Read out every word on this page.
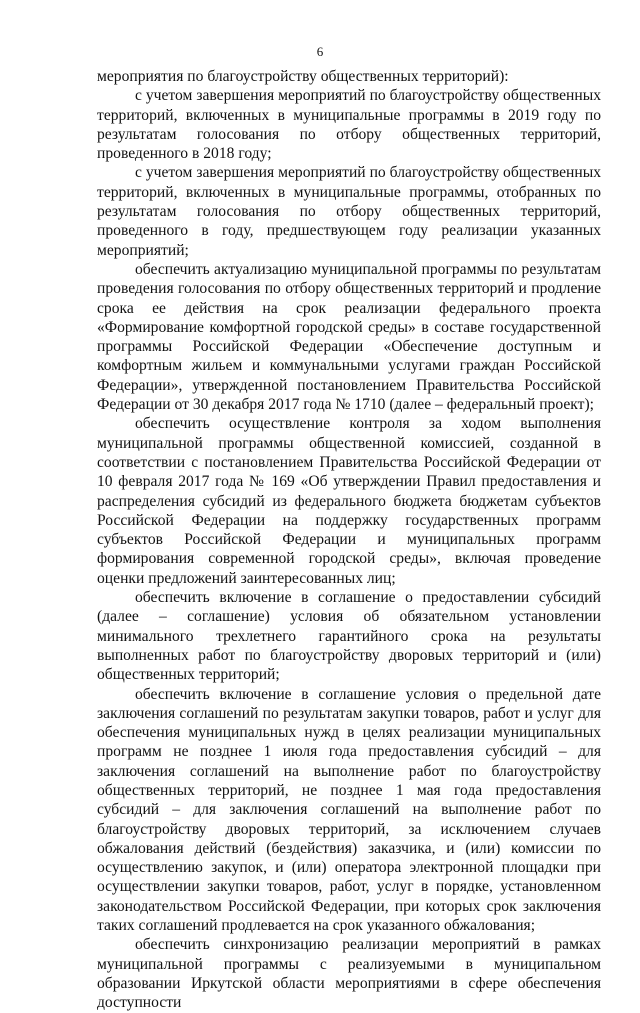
6

мероприятия по благоустройству общественных территорий):

с учетом завершения мероприятий по благоустройству общественных территорий, включенных в муниципальные программы в 2019 году по результатам голосования по отбору общественных территорий, проведенного в 2018 году;

с учетом завершения мероприятий по благоустройству общественных территорий, включенных в муниципальные программы, отобранных по результатам голосования по отбору общественных территорий, проведенного в году, предшествующем году реализации указанных мероприятий;

обеспечить актуализацию муниципальной программы по результатам проведения голосования по отбору общественных территорий и продление срока ее действия на срок реализации федерального проекта «Формирование комфортной городской среды» в составе государственной программы Российской Федерации «Обеспечение доступным и комфортным жильем и коммунальными услугами граждан Российской Федерации», утвержденной постановлением Правительства Российской Федерации от 30 декабря 2017 года № 1710 (далее – федеральный проект);

обеспечить осуществление контроля за ходом выполнения муниципальной программы общественной комиссией, созданной в соответствии с постановлением Правительства Российской Федерации от 10 февраля 2017 года № 169 «Об утверждении Правил предоставления и распределения субсидий из федерального бюджета бюджетам субъектов Российской Федерации на поддержку государственных программ субъектов Российской Федерации и муниципальных программ формирования современной городской среды», включая проведение оценки предложений заинтересованных лиц;

обеспечить включение в соглашение о предоставлении субсидий (далее – соглашение) условия об обязательном установлении минимального трехлетнего гарантийного срока на результаты выполненных работ по благоустройству дворовых территорий и (или) общественных территорий;

обеспечить включение в соглашение условия о предельной дате заключения соглашений по результатам закупки товаров, работ и услуг для обеспечения муниципальных нужд в целях реализации муниципальных программ не позднее 1 июля года предоставления субсидий – для заключения соглашений на выполнение работ по благоустройству общественных территорий, не позднее 1 мая года предоставления субсидий – для заключения соглашений на выполнение работ по благоустройству дворовых территорий, за исключением случаев обжалования действий (бездействия) заказчика, и (или) комиссии по осуществлению закупок, и (или) оператора электронной площадки при осуществлении закупки товаров, работ, услуг в порядке, установленном законодательством Российской Федерации, при которых срок заключения таких соглашений продлевается на срок указанного обжалования;

обеспечить синхронизацию реализации мероприятий в рамках муниципальной программы с реализуемыми в муниципальном образовании Иркутской области мероприятиями в сфере обеспечения доступности
